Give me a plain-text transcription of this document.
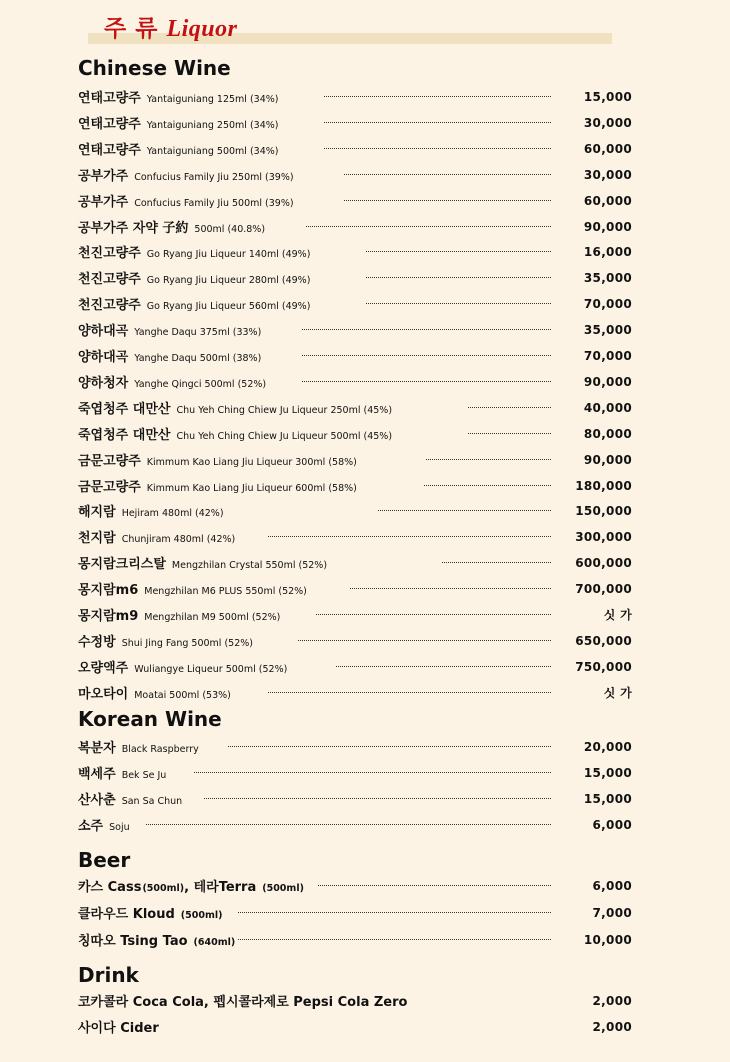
주 류 Liquor
Chinese Wine
연태고량주 Yantaiguniang 125ml (34%)	15,000
연태고량주 Yantaiguniang 250ml (34%)	30,000
연태고량주 Yantaiguniang 500ml (34%)	60,000
공부가주 Confucius Family Jiu 250ml (39%)	30,000
공부가주 Confucius Family Jiu 500ml (39%)	60,000
공부가주 자약 子約 500ml (40.8%)	90,000
천진고량주 Go Ryang Jiu Liqueur 140ml (49%)	16,000
천진고량주 Go Ryang Jiu Liqueur 280ml (49%)	35,000
천진고량주 Go Ryang Jiu Liqueur 560ml (49%)	70,000
양하대곡 Yanghe Daqu 375ml (33%)	35,000
양하대곡 Yanghe Daqu 500ml (38%)	70,000
양하청자 Yanghe Qingci 500ml (52%)	90,000
죽엽청주 대만산 Chu Yeh Ching Chiew Ju Liqueur 250ml (45%)	40,000
죽엽청주 대만산 Chu Yeh Ching Chiew Ju Liqueur 500ml (45%)	80,000
금문고량주 Kimmum Kao Liang Jiu Liqueur 300ml (58%)	90,000
금문고량주 Kimmum Kao Liang Jiu Liqueur 600ml (58%)	180,000
해지람 Hejiram 480ml (42%)	150,000
천지람 Chunjiram 480ml (42%)	300,000
몽지람크리스탈 Mengzhilan Crystal 550ml (52%)	600,000
몽지람m6 Mengzhilan M6 PLUS 550ml (52%)	700,000
몽지람m9 Mengzhilan M9 500ml (52%)	싯 가
수정방 Shui Jing Fang 500ml (52%)	650,000
오량액주 Wuliangye Liqueur 500ml (52%)	750,000
마오타이 Moatai 500ml (53%)	싯 가
Korean Wine
복분자 Black Raspberry	20,000
백세주 Bek Se Ju	15,000
산사춘 San Sa Chun	15,000
소주 Soju	6,000
Beer
카스 Cass(500ml), 테라Terra (500ml)	6,000
클라우드 Kloud (500ml)	7,000
칭따오 Tsing Tao (640ml)	10,000
Drink
코카콜라 Coca Cola, 펩시콜라제로 Pepsi Cola Zero	2,000
사이다 Cider	2,000
